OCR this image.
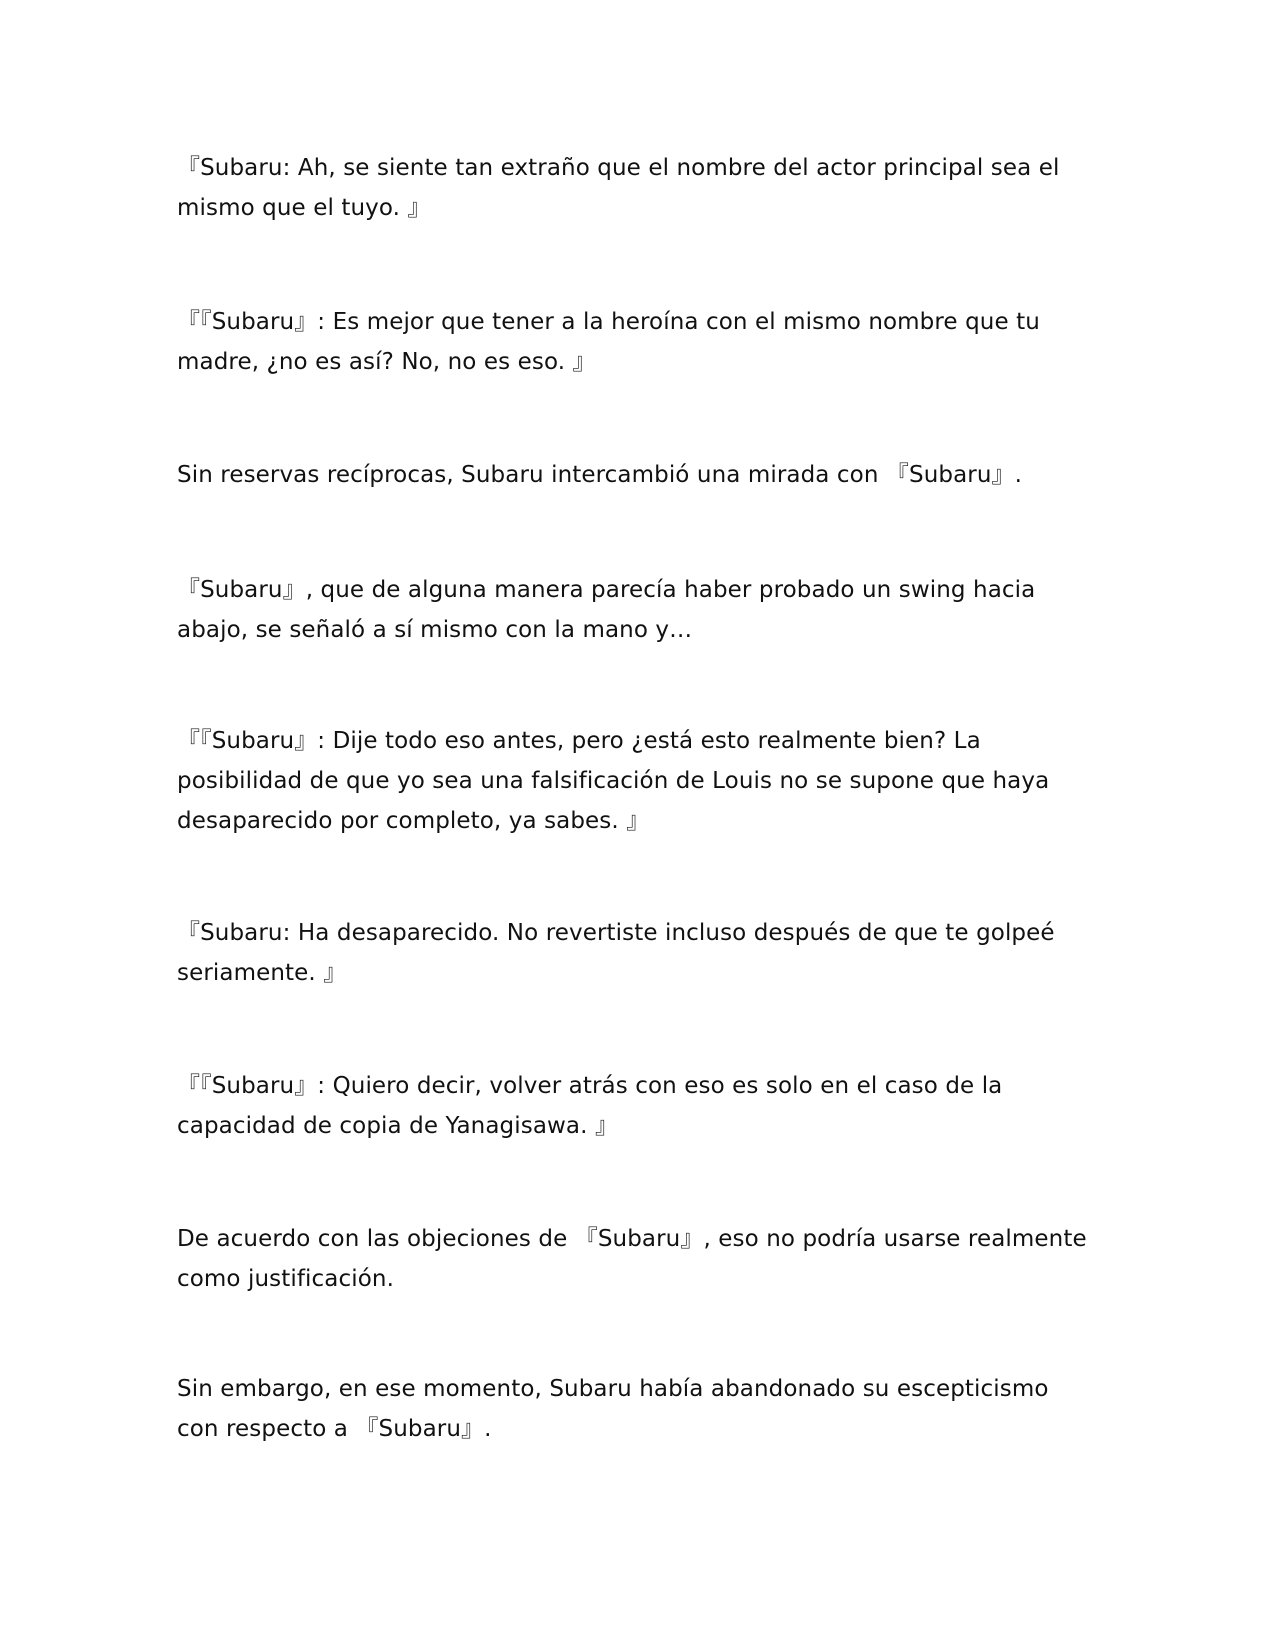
『Subaru: Ah, se siente tan extraño que el nombre del actor principal sea el mismo que el tuyo. 』

『『Subaru』: Es mejor que tener a la heroína con el mismo nombre que tu madre, ¿no es así? No, no es eso. 』

Sin reservas recíprocas, Subaru intercambió una mirada con 『Subaru』.

『Subaru』, que de alguna manera parecía haber probado un swing hacia abajo, se señaló a sí mismo con la mano y…

『『Subaru』: Dije todo eso antes, pero ¿está esto realmente bien? La posibilidad de que yo sea una falsificación de Louis no se supone que haya desaparecido por completo, ya sabes. 』

『Subaru: Ha desaparecido. No revertiste incluso después de que te golpeé seriamente. 』

『『Subaru』: Quiero decir, volver atrás con eso es solo en el caso de la capacidad de copia de Yanagisawa. 』

De acuerdo con las objeciones de 『Subaru』, eso no podría usarse realmente como justificación.

Sin embargo, en ese momento, Subaru había abandonado su escepticismo con respecto a 『Subaru』.
